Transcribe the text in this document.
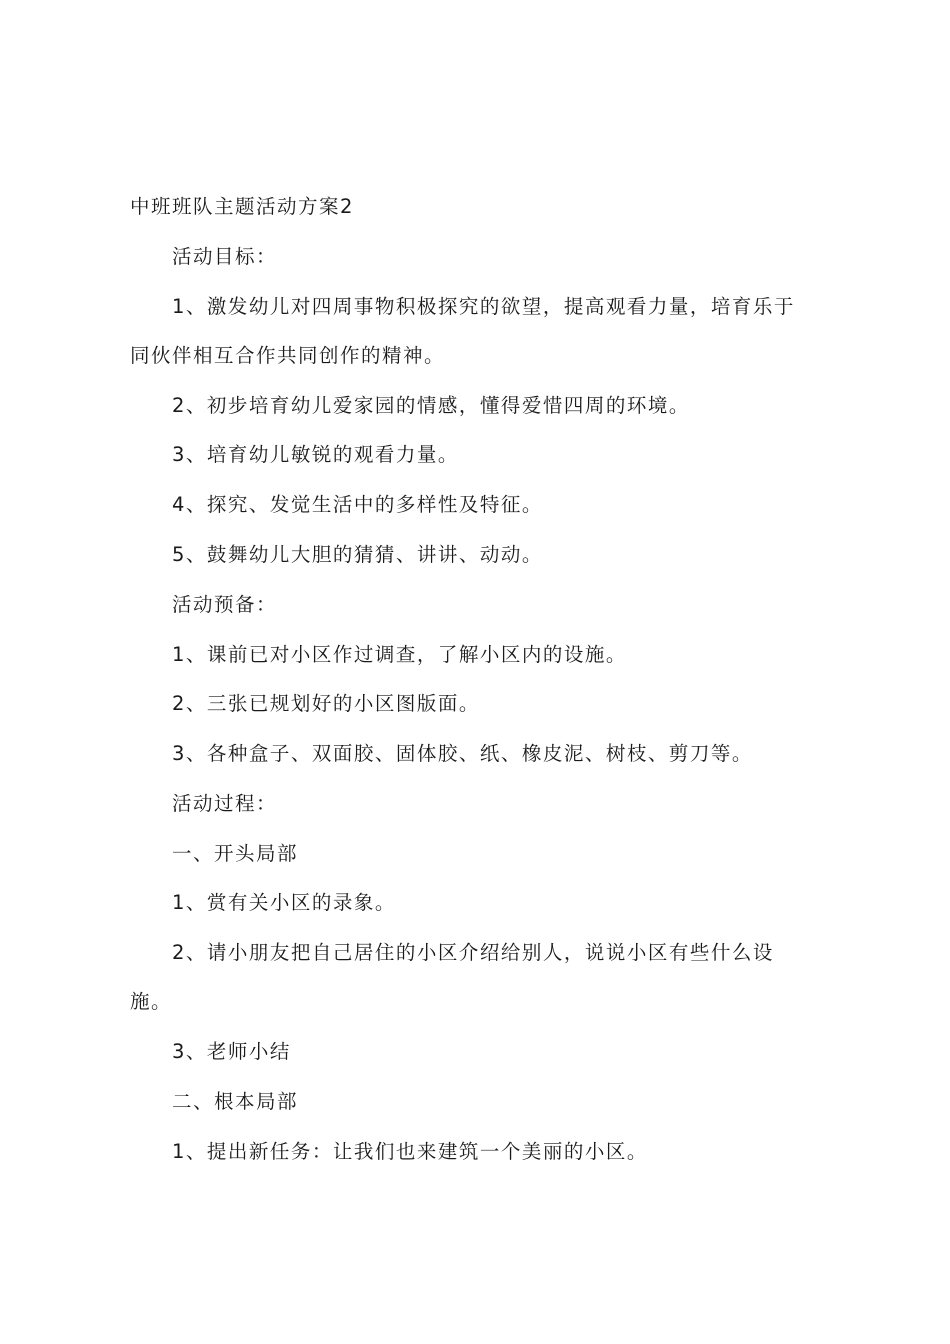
中班班队主题活动方案2
活动目标：
1、激发幼儿对四周事物积极探究的欲望，提高观看力量，培育乐于
同伙伴相互合作共同创作的精神。
2、初步培育幼儿爱家园的情感，懂得爱惜四周的环境。
3、培育幼儿敏锐的观看力量。
4、探究、发觉生活中的多样性及特征。
5、鼓舞幼儿大胆的猜猜、讲讲、动动。
活动预备：
1、课前已对小区作过调查，了解小区内的设施。
2、三张已规划好的小区图版面。
3、各种盒子、双面胶、固体胶、纸、橡皮泥、树枝、剪刀等。
活动过程：
一、开头局部
1、赏有关小区的录象。
2、请小朋友把自己居住的小区介绍给别人，说说小区有些什么设
施。
3、老师小结
二、根本局部
1、提出新任务：让我们也来建筑一个美丽的小区。
